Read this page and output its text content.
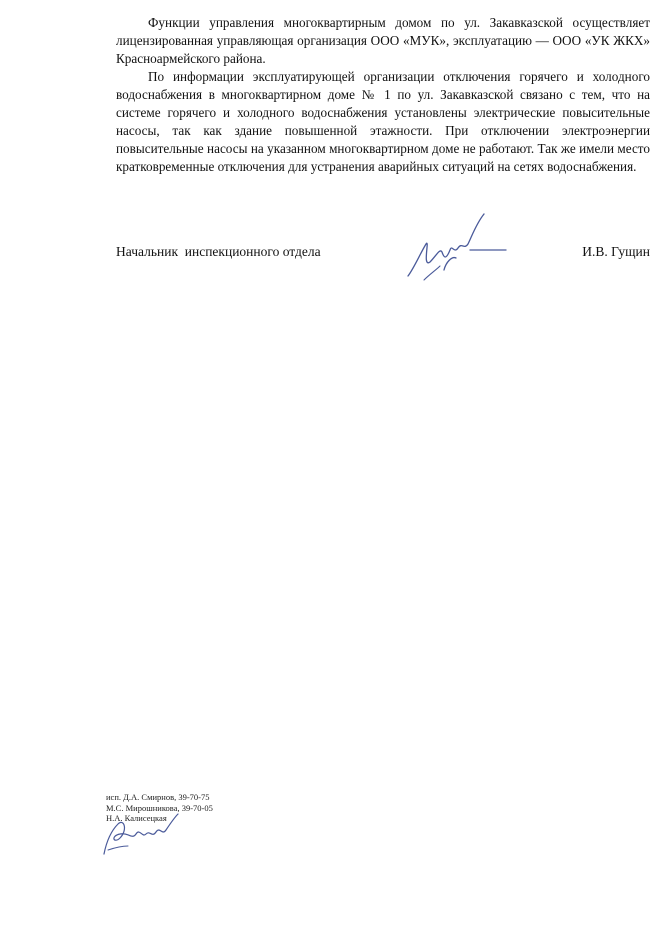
Функции управления многоквартирным домом по ул. Закавказской осуществляет лицензированная управляющая организация ООО «МУК», эксплуатацию — ООО «УК ЖКХ» Красноармейского района.

По информации эксплуатирующей организации отключения горячего и холодного водоснабжения в многоквартирном доме № 1 по ул. Закавказской связано с тем, что на системе горячего и холодного водоснабжения установлены электрические повысительные насосы, так как здание повышенной этажности. При отключении электроэнергии повысительные насосы на указанном многоквартирном доме не работают. Так же имели место кратковременные отключения для устранения аварийных ситуаций на сетях водоснабжения.

Начальник  инспекционного отдела	И.В. Гущин
исп. Д.А. Смирнов, 39-70-75
М.С. Мирошникова, 39-70-05
Н.А. Калисецкая
